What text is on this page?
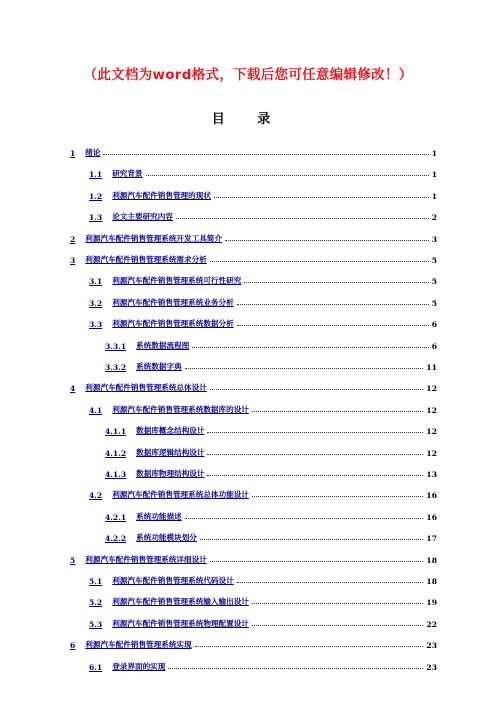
（此文档为word格式，下载后您可任意编辑修改！）
目 录
1 绪论	1
1.1 研究背景	1
1.2 利源汽车配件销售管理的现状	1
1.3 论文主要研究内容	2
2 利源汽车配件销售管理系统开发工具简介	3
3 利源汽车配件销售管理系统需求分析	5
3.1 利源汽车配件销售管理系统可行性研究	5
3.2 利源汽车配件销售管理系统业务分析	5
3.3 利源汽车配件销售管理系统数据分析	6
3.3.1 系统数据流程图	6
3.3.2 系统数据字典	11
4 利源汽车配件销售管理系统总体设计	12
4.1 利源汽车配件销售管理系统数据库的设计	12
4.1.1 数据库概念结构设计	12
4.1.2 数据库逻辑结构设计	12
4.1.3 数据库物理结构设计	13
4.2 利源汽车配件销售管理系统总体功能设计	16
4.2.1 系统功能描述	16
4.2.2 系统功能模块划分	17
5 利源汽车配件销售管理系统详细设计	18
5.1 利源汽车配件销售管理系统代码设计	18
5.2 利源汽车配件销售管理系统输入输出设计	19
5.3 利源汽车配件销售管理系统物理配置设计	22
6 利源汽车配件销售管理系统实现	23
6.1 登录界面的实现	23
